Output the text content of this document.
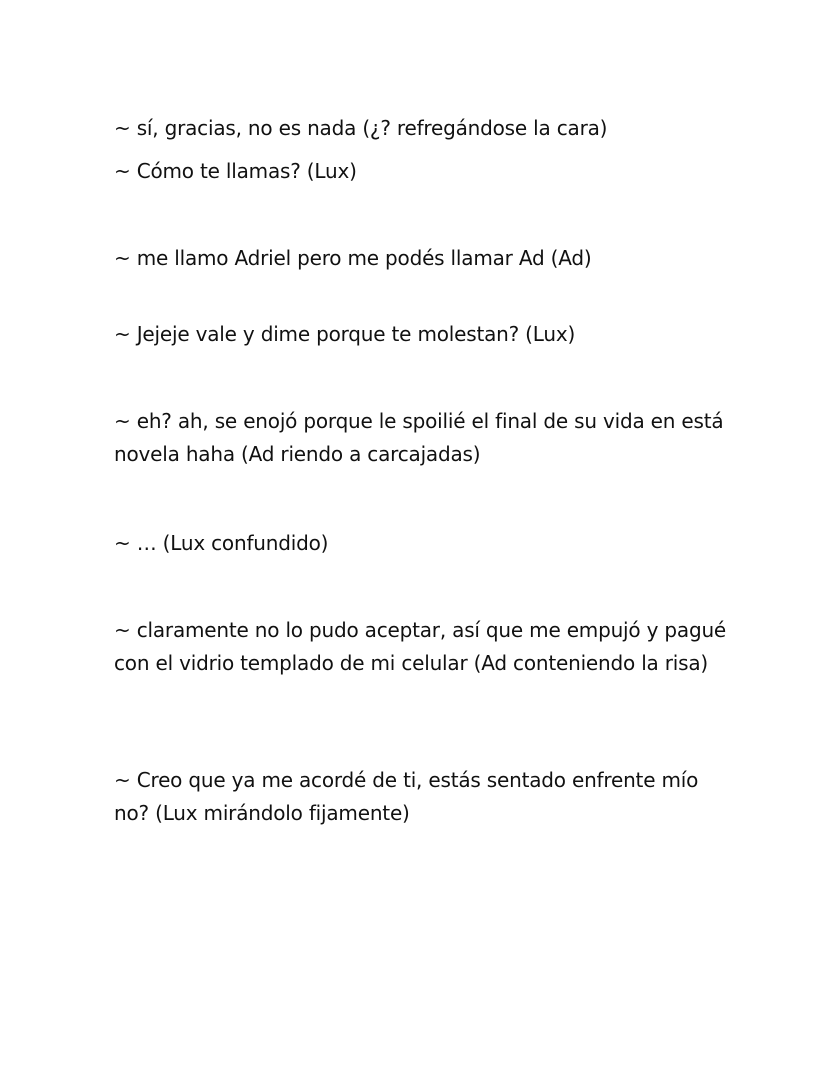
~ sí, gracias, no es nada (¿? refregándose la cara)
~ Cómo te llamas? (Lux)
~ me llamo Adriel pero me podés llamar Ad (Ad)
~ Jejeje vale y dime porque te molestan? (Lux)
~ eh? ah, se enojó porque le spoilié el final de su vida en está novela haha (Ad riendo a carcajadas)
~ … (Lux confundido)
~ claramente no lo pudo aceptar, así que me empujó y pagué con el vidrio templado de mi celular (Ad conteniendo la risa)
~ Creo que ya me acordé de ti, estás sentado enfrente mío no? (Lux mirándolo fijamente)
